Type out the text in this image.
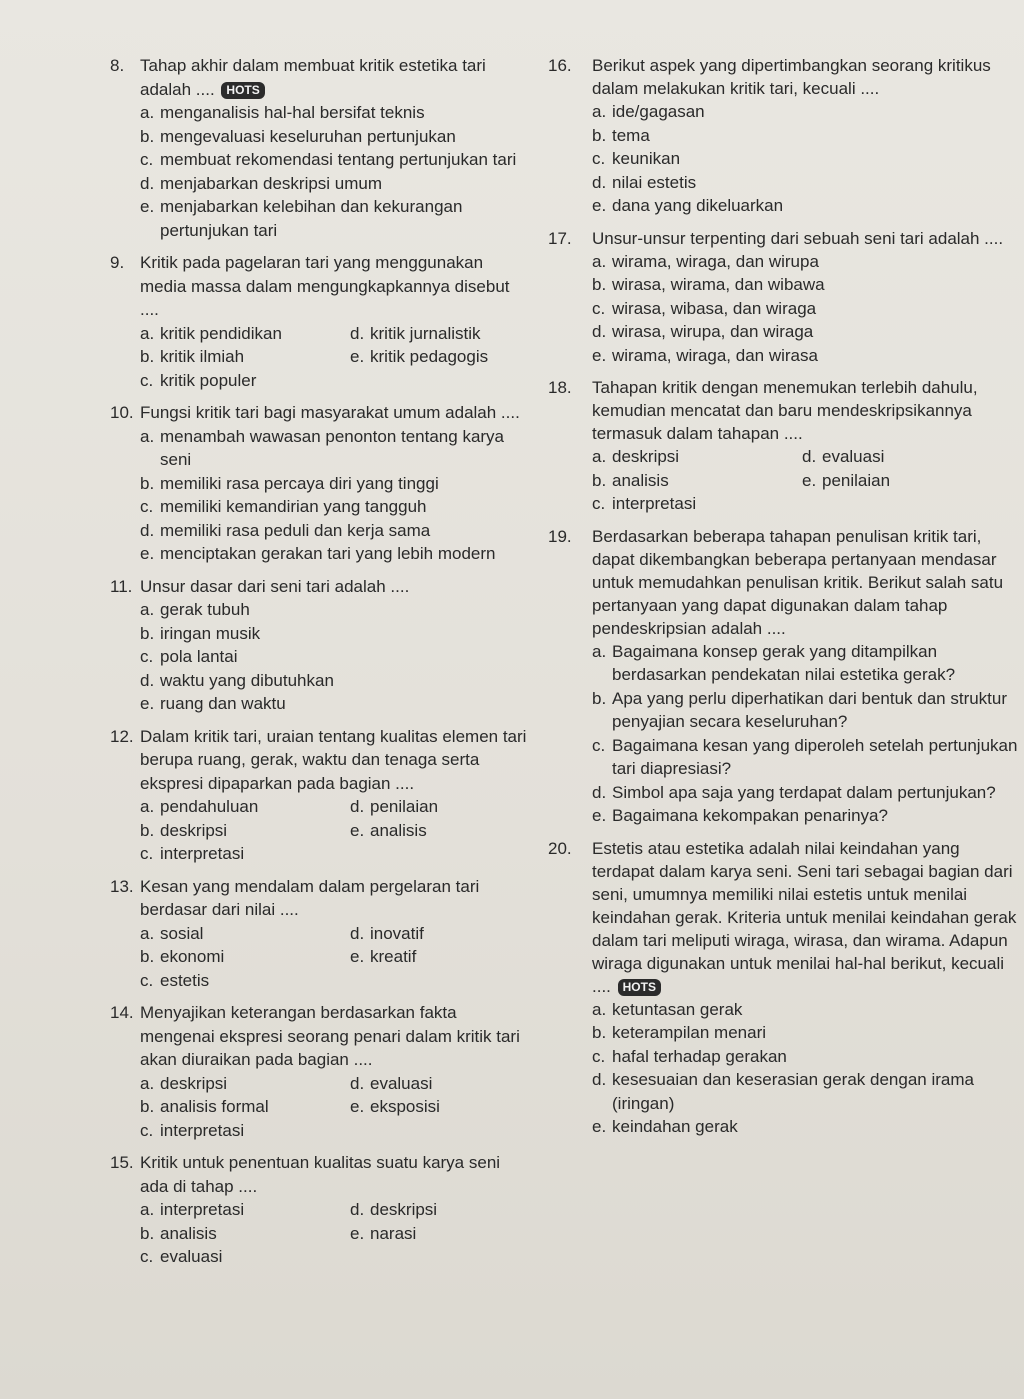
8. Tahap akhir dalam membuat kritik estetika tari adalah .... HOTS
a. menganalisis hal-hal bersifat teknis
b. mengevaluasi keseluruhan pertunjukan
c. membuat rekomendasi tentang pertunjukan tari
d. menjabarkan deskripsi umum
e. menjabarkan kelebihan dan kekurangan pertunjukan tari
9. Kritik pada pagelaran tari yang menggunakan media massa dalam mengungkapkannya disebut ....
a. kritik pendidikan	d. kritik jurnalistik
b. kritik ilmiah	e. kritik pedagogis
c. kritik populer
10. Fungsi kritik tari bagi masyarakat umum adalah ....
a. menambah wawasan penonton tentang karya seni
b. memiliki rasa percaya diri yang tinggi
c. memiliki kemandirian yang tangguh
d. memiliki rasa peduli dan kerja sama
e. menciptakan gerakan tari yang lebih modern
11. Unsur dasar dari seni tari adalah ....
a. gerak tubuh
b. iringan musik
c. pola lantai
d. waktu yang dibutuhkan
e. ruang dan waktu
12. Dalam kritik tari, uraian tentang kualitas elemen tari berupa ruang, gerak, waktu dan tenaga serta ekspresi dipaparkan pada bagian ....
a. pendahuluan	d. penilaian
b. deskripsi	e. analisis
c. interpretasi
13. Kesan yang mendalam dalam pergelaran tari berdasar dari nilai ....
a. sosial	d. inovatif
b. ekonomi	e. kreatif
c. estetis
14. Menyajikan keterangan berdasarkan fakta mengenai ekspresi seorang penari dalam kritik tari akan diuraikan pada bagian ....
a. deskripsi	d. evaluasi
b. analisis formal	e. eksposisi
c. interpretasi
15. Kritik untuk penentuan kualitas suatu karya seni ada di tahap ....
a. interpretasi	d. deskripsi
b. analisis	e. narasi
c. evaluasi
16.	Berikut aspek yang dipertimbangkan seorang kritikus dalam melakukan kritik tari, kecuali ....
a. ide/gagasan
b. tema
c. keunikan
d. nilai estetis
e. dana yang dikeluarkan
17.	Unsur-unsur terpenting dari sebuah seni tari adalah ....
a. wirama, wiraga, dan wirupa
b. wirasa, wirama, dan wibawa
c. wirasa, wibasa, dan wiraga
d. wirasa, wirupa, dan wiraga
e. wirama, wiraga, dan wirasa
18.	Tahapan kritik dengan menemukan terlebih dahulu, kemudian mencatat dan baru mendeskripsikannya termasuk dalam tahapan ....
a. deskripsi	d. evaluasi
b. analisis	e. penilaian
c. interpretasi
19.	Berdasarkan beberapa tahapan penulisan kritik tari, dapat dikembangkan beberapa pertanyaan mendasar untuk memudahkan penulisan kritik. Berikut salah satu pertanyaan yang dapat digunakan dalam tahap pendeskripsian adalah ....
a. Bagaimana konsep gerak yang ditampilkan berdasarkan pendekatan nilai estetika gerak?
b. Apa yang perlu diperhatikan dari bentuk dan struktur penyajian secara keseluruhan?
c. Bagaimana kesan yang diperoleh setelah pertunjukan tari diapresiasi?
d. Simbol apa saja yang terdapat dalam pertunjukan?
e. Bagaimana kekompakan penarinya?
20.	Estetis atau estetika adalah nilai keindahan yang terdapat dalam karya seni. Seni tari sebagai bagian dari seni, umumnya memiliki nilai estetis untuk menilai keindahan gerak. Kriteria untuk menilai keindahan gerak dalam tari meliputi wiraga, wirasa, dan wirama. Adapun wiraga digunakan untuk menilai hal-hal berikut, kecuali .... HOTS
a. ketuntasan gerak
b. keterampilan menari
c. hafal terhadap gerakan
d. kesesuaian dan keserasian gerak dengan irama (iringan)
e. keindahan gerak
